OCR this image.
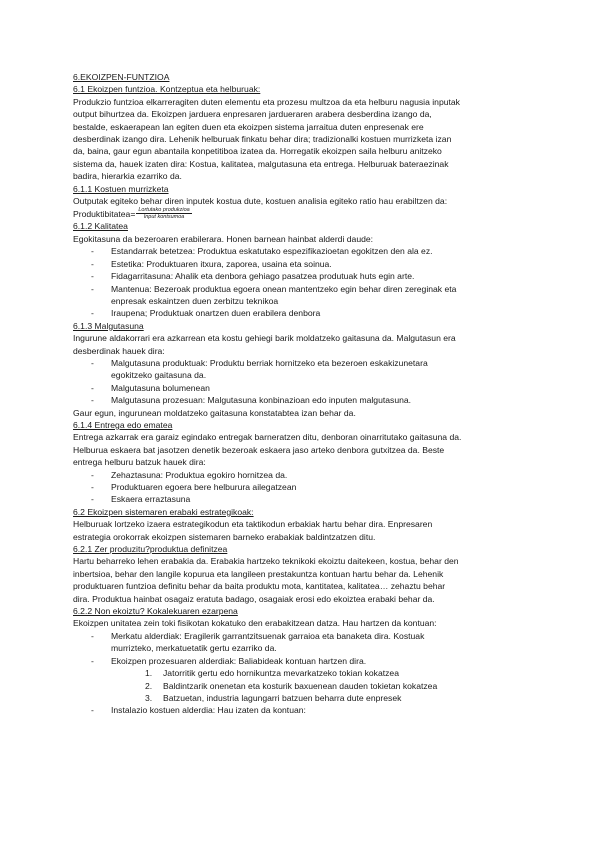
6.EKOIZPEN-FUNTZIOA
6.1 Ekoizpen funtzioa. Kontzeptua eta helburuak:
Produkzio funtzioa elkarreragiten duten elementu eta prozesu multzoa da eta helburu nagusia inputak
output bihurtzea da. Ekoizpen jarduera enpresaren jardueraren arabera desberdina izango da,
bestalde, eskaerapean lan egiten duen eta ekoizpen sistema jarraitua duten enpresenak ere
desberdinak izango dira. Lehenik helburuak finkatu behar dira; tradizionalki kostuen murrizketa izan
da, baina, gaur egun abantaila konpetitiboa izatea da. Horregatik ekoizpen saila helburu anitzeko
sistema da, hauek izaten dira: Kostua, kalitatea, malgutasuna eta entrega. Helburuak bateraezinak
badira, hierarkia ezarriko da.
6.1.1 Kostuen murrizketa
Outputak egiteko behar diren inputek kostua dute, kostuen analisia egiteko ratio hau erabiltzen da:
Produktibitatea= $\frac{\text{Lortutako produkzioa}}{\text{Input kontsumoa}}$
6.1.2 Kalitatea
Egokitasuna da bezeroaren erabilerara. Honen barnean hainbat alderdi daude:
- Estandarrak betetzea: Produktua eskatutako espezifikazioetan egokitzen den ala ez.
- Estetika: Produktuaren itxura, zaporea, usaina eta soinua.
- Fidagarritasuna: Ahalik eta denbora gehiago pasatzea produtuak huts egin arte.
- Mantenua: Bezeroak produktua egoera onean mantentzeko egin behar diren zereginak eta
enpresak eskaintzen duen zerbitzu teknikoa
- Iraupena; Produktuak onartzen duen erabilera denbora
6.1.3 Malgutasuna
Ingurune aldakorrari era azkarrean eta kostu gehiegi barik moldatzeko gaitasuna da. Malgutasun era
desberdinak hauek dira:
- Malgutasuna produktuak: Produktu berriak hornitzeko eta bezeroen eskakizunetara
egokitzeko gaitasuna da.
- Malgutasuna bolumenean
- Malgutasuna prozesuan: Malgutasuna konbinazioan edo inputen malgutasuna.
Gaur egun, ingurunean moldatzeko gaitasuna konstatabtea izan behar da.
6.1.4 Entrega edo ematea
Entrega azkarrak era garaiz egindako entregak barneratzen ditu, denboran oinarritutako gaitasuna da.
Helburua eskaera bat jasotzen denetik bezeroak eskaera jaso arteko denbora gutxitzea da. Beste
entrega helburu batzuk hauek dira:
- Zehaztasuna: Produktua egokiro hornitzea da.
- Produktuaren egoera bere helburura ailegatzean
- Eskaera erraztasuna
6.2 Ekoizpen sistemaren erabaki estrategikoak:
Helburuak lortzeko izaera estrategikodun eta taktikodun erbakiak hartu behar dira. Enpresaren
estrategia orokorrak ekoizpen sistemaren barneko erabakiak baldintzatzen ditu.
6.2.1 Zer produzitu?produktua definitzea
Hartu beharreko lehen erabakia da. Erabakia hartzeko teknikoki ekoiztu daitekeen, kostua, behar den
inbertsioa, behar den langile kopurua eta langileen prestakuntza kontuan hartu behar da. Lehenik
produktuaren funtzioa definitu behar da baita produktu mota, kantitatea, kalitatea… zehaztu behar
dira. Produktua hainbat osagaiz eratuta badago, osagaiak erosi edo ekoiztea erabaki behar da.
6.2.2 Non ekoiztu? Kokalekuaren ezarpena
Ekoizpen unitatea zein toki fisikotan kokatuko den erabakitzean datza. Hau hartzen da kontuan:
- Merkatu alderdiak: Eragilerik garrantzitsuenak garraioa eta banaketa dira. Kostuak
murrizteko, merkatuetatik gertu ezarriko da.
- Ekoizpen prozesuaren alderdiak: Baliabideak kontuan hartzen dira.
1. Jatorritik gertu edo hornikuntza mevarkatzeko tokian kokatzea
2. Baldintzarik onenetan eta kosturik baxuenean dauden tokietan kokatzea
3. Batzuetan, industria lagungarri batzuen beharra dute enpresek
- Instalazio kostuen alderdia: Hau izaten da kontuan:
